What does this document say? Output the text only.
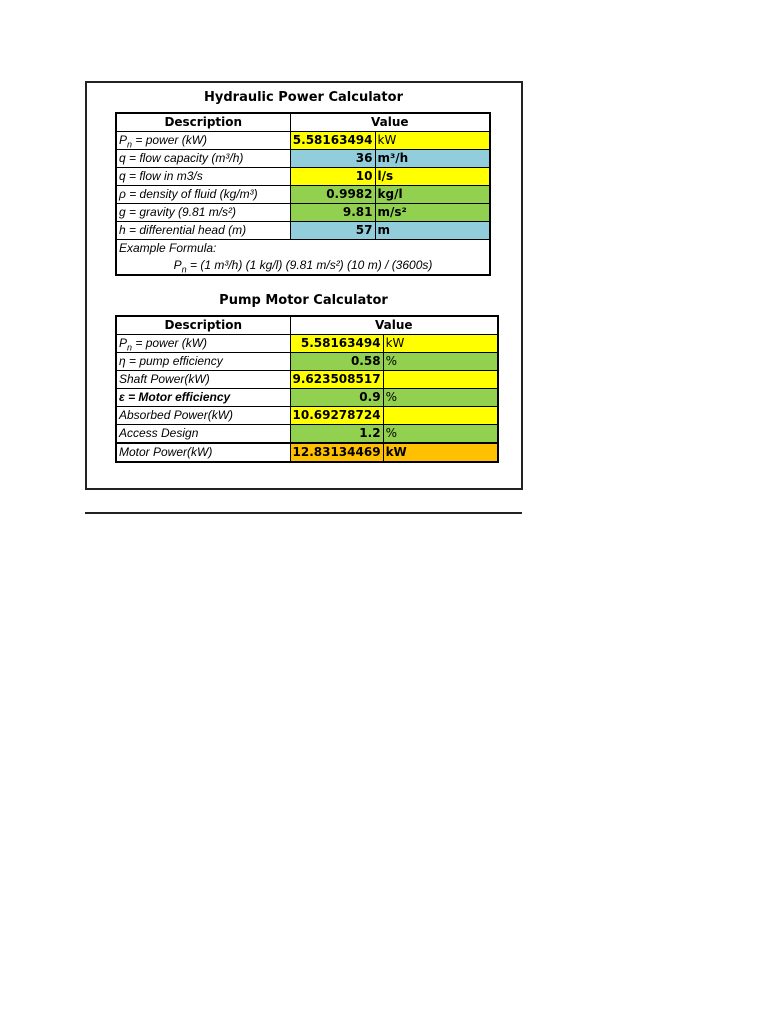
Hydraulic Power Calculator
Description	Value	
$P_n$ = power (kW)	5.58163494	kW
q = flow capacity (m³/h)	36	m³/h
q = flow in m3/s	10	l/s
ρ = density of fluid (kg/m³)	0.9982	kg/l
g = gravity (9.81 m/s²)	9.81	m/s²
h = differential head (m)	57	m
Example Formula:		
$P_n = (1$ m³/h) (1 kg/l) (9.81 m/s²) (10 m) / (3600s)		
Pump Motor Calculator
Description	Value	
$P_n$ = power (kW)	5.58163494	kW
η = pump efficiency	0.58	%
Shaft Power(kW)	9.623508517	
ε = Motor efficiency	0.9	%
Absorbed Power(kW)	10.69278724	
Access Design	1.2	%
Motor Power(kW)	12.83134469	kW
